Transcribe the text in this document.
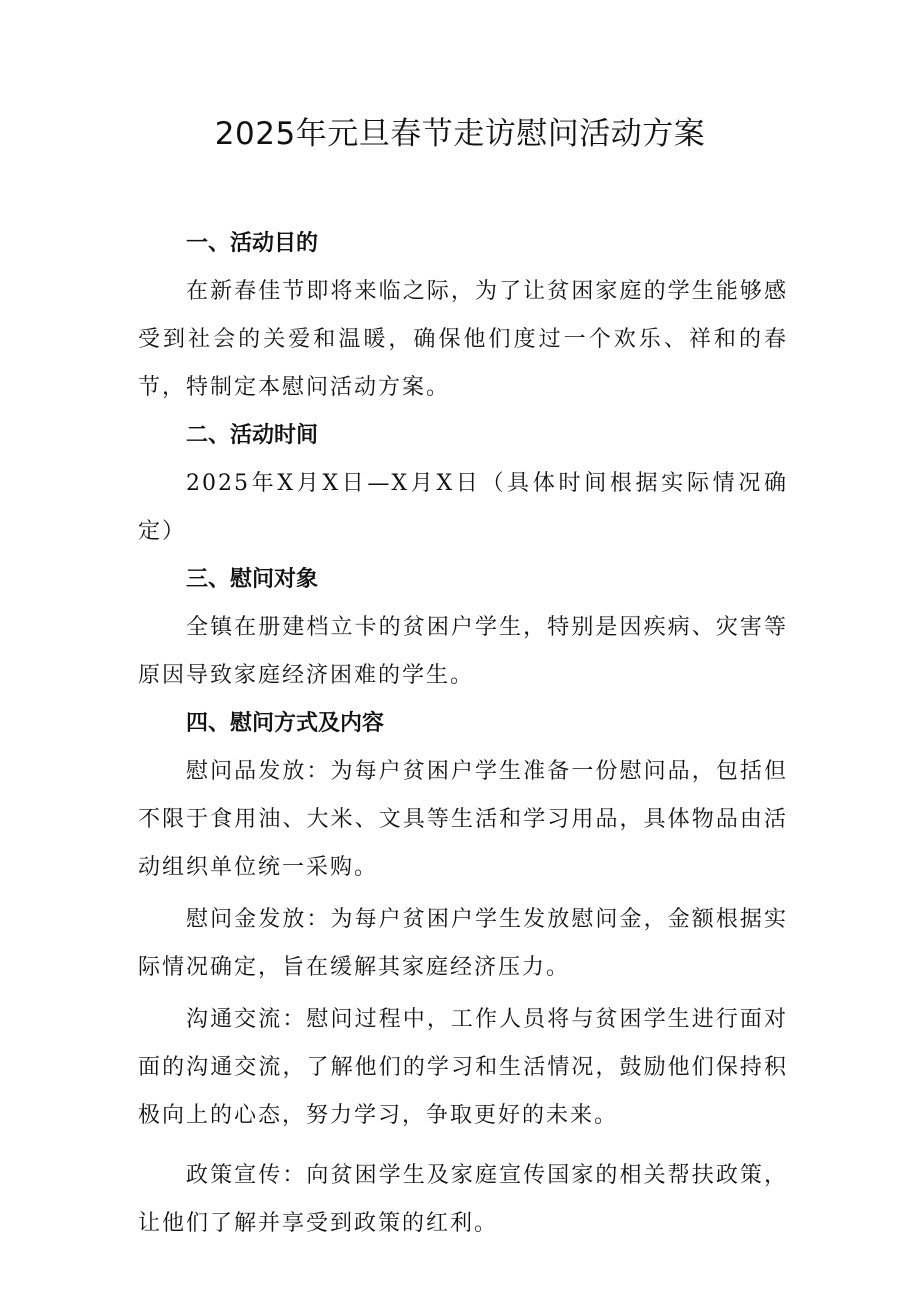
2025年元旦春节走访慰问活动方案
一、活动目的
在新春佳节即将来临之际，为了让贫困家庭的学生能够感受到社会的关爱和温暖，确保他们度过一个欢乐、祥和的春节，特制定本慰问活动方案。
二、活动时间
2025年X月X日—X月X日（具体时间根据实际情况确定）
三、慰问对象
全镇在册建档立卡的贫困户学生，特别是因疾病、灾害等原因导致家庭经济困难的学生。
四、慰问方式及内容
慰问品发放：为每户贫困户学生准备一份慰问品，包括但不限于食用油、大米、文具等生活和学习用品，具体物品由活动组织单位统一采购。
慰问金发放：为每户贫困户学生发放慰问金，金额根据实际情况确定，旨在缓解其家庭经济压力。
沟通交流：慰问过程中，工作人员将与贫困学生进行面对面的沟通交流，了解他们的学习和生活情况，鼓励他们保持积极向上的心态，努力学习，争取更好的未来。
政策宣传：向贫困学生及家庭宣传国家的相关帮扶政策，让他们了解并享受到政策的红利。
